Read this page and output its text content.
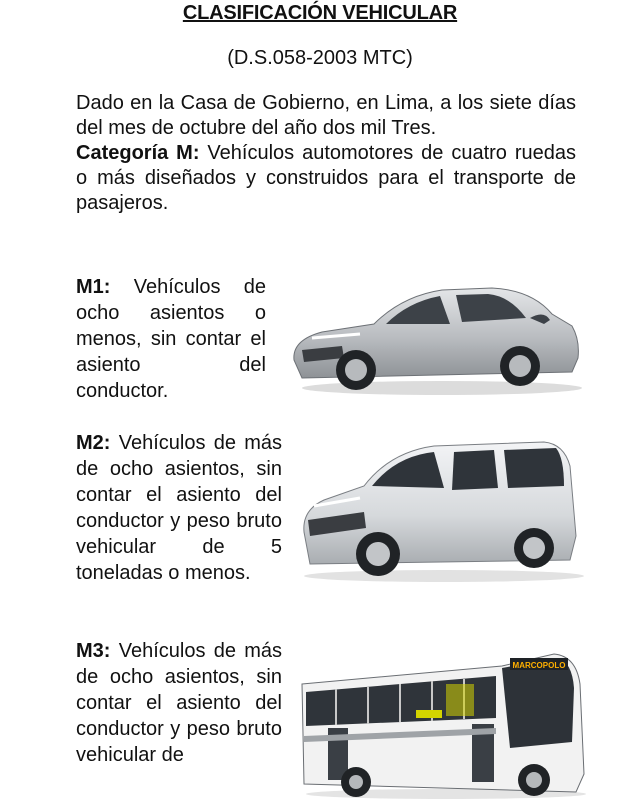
CLASIFICACIÓN VEHICULAR
(D.S.058-2003 MTC)

Dado en la Casa de Gobierno, en Lima, a los siete días del mes de octubre del año dos mil Tres.

Categoría M: Vehículos automotores de cuatro ruedas o más diseñados y construidos para el transporte de pasajeros.

M1: Vehículos de ocho asientos o menos, sin contar el asiento del conductor.
M2: Vehículos de más de ocho asientos, sin contar el asiento del conductor y peso bruto vehicular de 5 toneladas o menos.
M3: Vehículos de más de ocho asientos, sin contar el asiento del conductor y peso bruto vehicular de
MARCOPOLO
